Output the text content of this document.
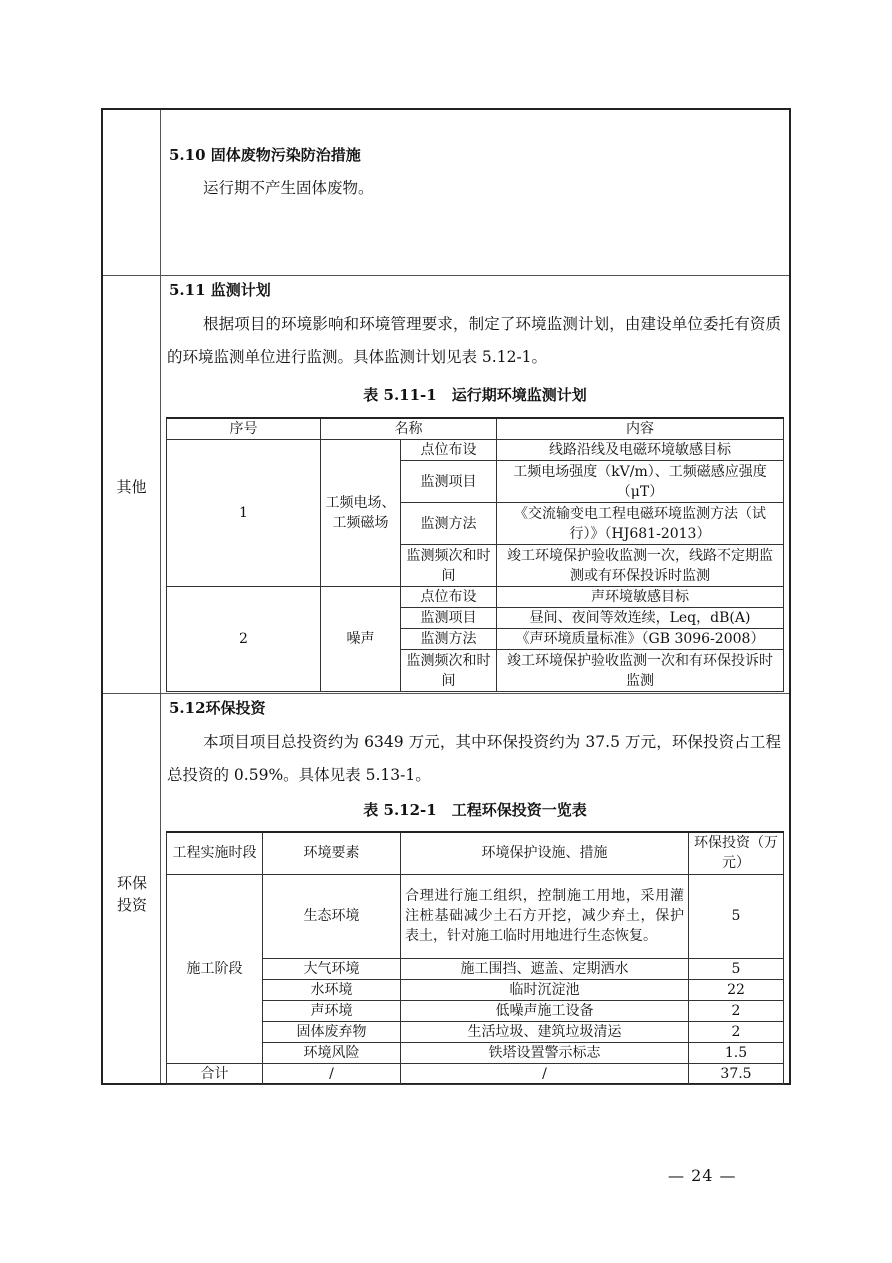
其他
环保投资
5.10 固体废物污染防治措施
运行期不产生固体废物。
5.11 监测计划
根据项目的环境影响和环境管理要求，制定了环境监测计划，由建设单位委托有资质的环境监测单位进行监测。具体监测计划见表 5.12-1。
表 5.11-1　运行期环境监测计划
序号	名称		内容
1	工频电场、工频磁场	点位布设	线路沿线及电磁环境敏感目标
		监测项目	工频电场强度（kV/m）、工频磁感应强度（μT）
		监测方法	《交流输变电工程电磁环境监测方法（试行）》（HJ681-2013）
		监测频次和时间	竣工环境保护验收监测一次，线路不定期监测或有环保投诉时监测
2	噪声	点位布设	声环境敏感目标
		监测项目	昼间、夜间等效连续，Leq，dB(A)
		监测方法	《声环境质量标准》（GB 3096-2008）
		监测频次和时间	竣工环境保护验收监测一次和有环保投诉时监测
5.12环保投资
本项目项目总投资约为 6349 万元，其中环保投资约为 37.5 万元，环保投资占工程总投资的 0.59%。具体见表 5.13-1。
表 5.12-1　工程环保投资一览表
工程实施时段	环境要素	环境保护设施、措施	环保投资（万元）
施工阶段	生态环境	合理进行施工组织，控制施工用地，采用灌注桩基础减少土石方开挖，减少弃土，保护表土，针对施工临时用地进行生态恢复。	5
	大气环境	施工围挡、遮盖、定期洒水	5
	水环境	临时沉淀池	22
	声环境	低噪声施工设备	2
	固体废弃物	生活垃圾、建筑垃圾清运	2
	环境风险	铁塔设置警示标志	1.5
合计	/	/	37.5
— 24 —
